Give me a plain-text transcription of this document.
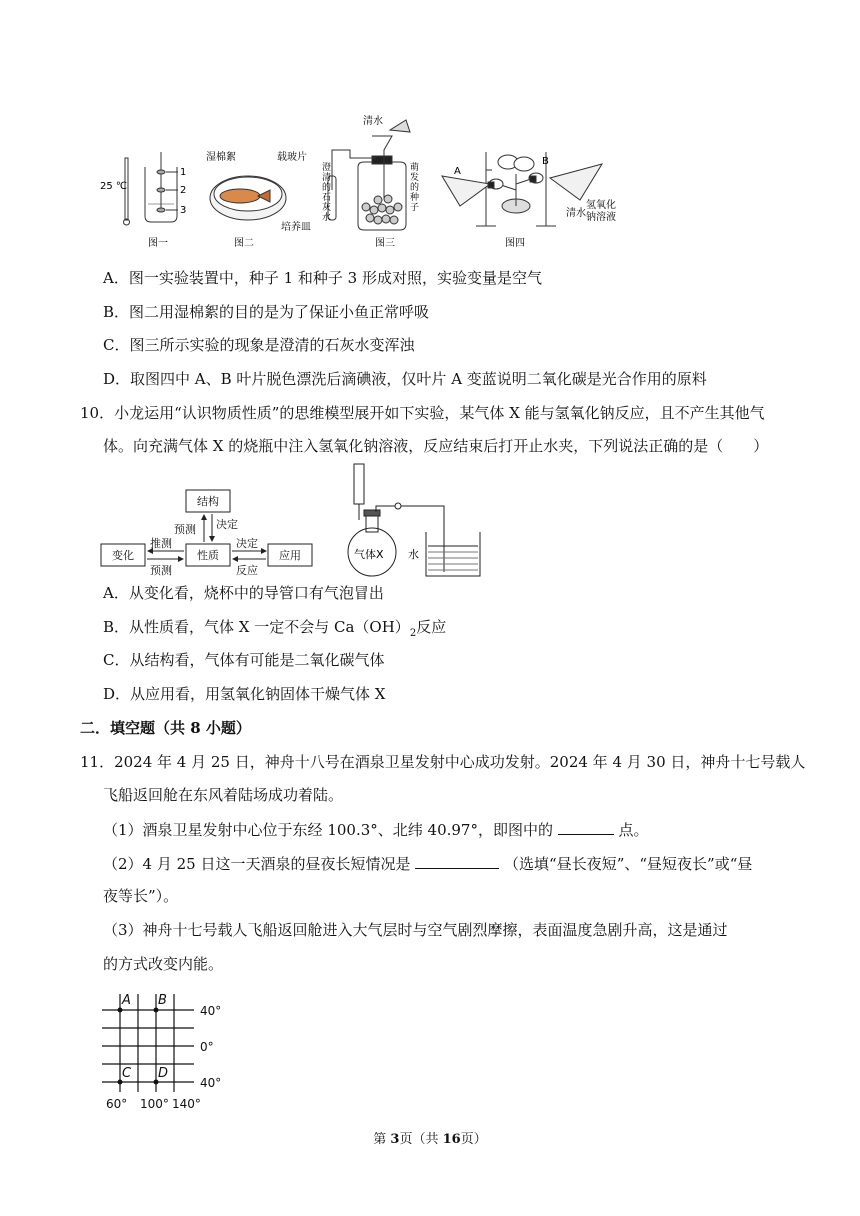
25 ℃
1
2
3
图一
湿棉絮	载玻片
培养皿
图二
清水
澄
清
的
石
灰
水
萌
发
的
种
子
图三
A
B
清水
氢氧化
钠溶液
图四
A．图一实验装置中，种子 1 和种子 3 形成对照，实验变量是空气
B．图二用湿棉絮的目的是为了保证小鱼正常呼吸
C．图三所示实验的现象是澄清的石灰水变浑浊
D．取图四中 A、B 叶片脱色漂洗后滴碘液，仅叶片 A 变蓝说明二氧化碳是光合作用的原料
10．小龙运用“认识物质性质”的思维模型展开如下实验，某气体 X 能与氢氧化钠反应，且不产生其他气
体。向充满气体 X 的烧瓶中注入氢氧化钠溶液，反应结束后打开止水夹，下列说法正确的是（　　）
结构
变化	性质	应用
预测 决定
推测
预测
决定
反应
气体X 水
A．从变化看，烧杯中的导管口有气泡冒出
B．从性质看，气体 X 一定不会与 $Ca(OH)_2$反应
C．从结构看，气体有可能是二氧化碳气体
D．从应用看，用氢氧化钠固体干燥气体 X
二．填空题（共 8 小题）
11．2024 年 4 月 25 日，神舟十八号在酒泉卫星发射中心成功发射。2024 年 4 月 30 日，神舟十七号载人
飞船返回舱在东风着陆场成功着陆。
（1）酒泉卫星发射中心位于东经 100.3°、北纬 40.97°，即图中的	点。
（2）4 月 25 日这一天酒泉的昼夜长短情况是	（选填“昼长夜短”、“昼短夜长”或“昼
夜等长”）。
（3）神舟十七号载人飞船返回舱进入大气层时与空气剧烈摩擦，表面温度急剧升高，这是通过
的方式改变内能。
A B
C D
40°
0°
40°
60° 100° 140°
第 3页（共 16页）
